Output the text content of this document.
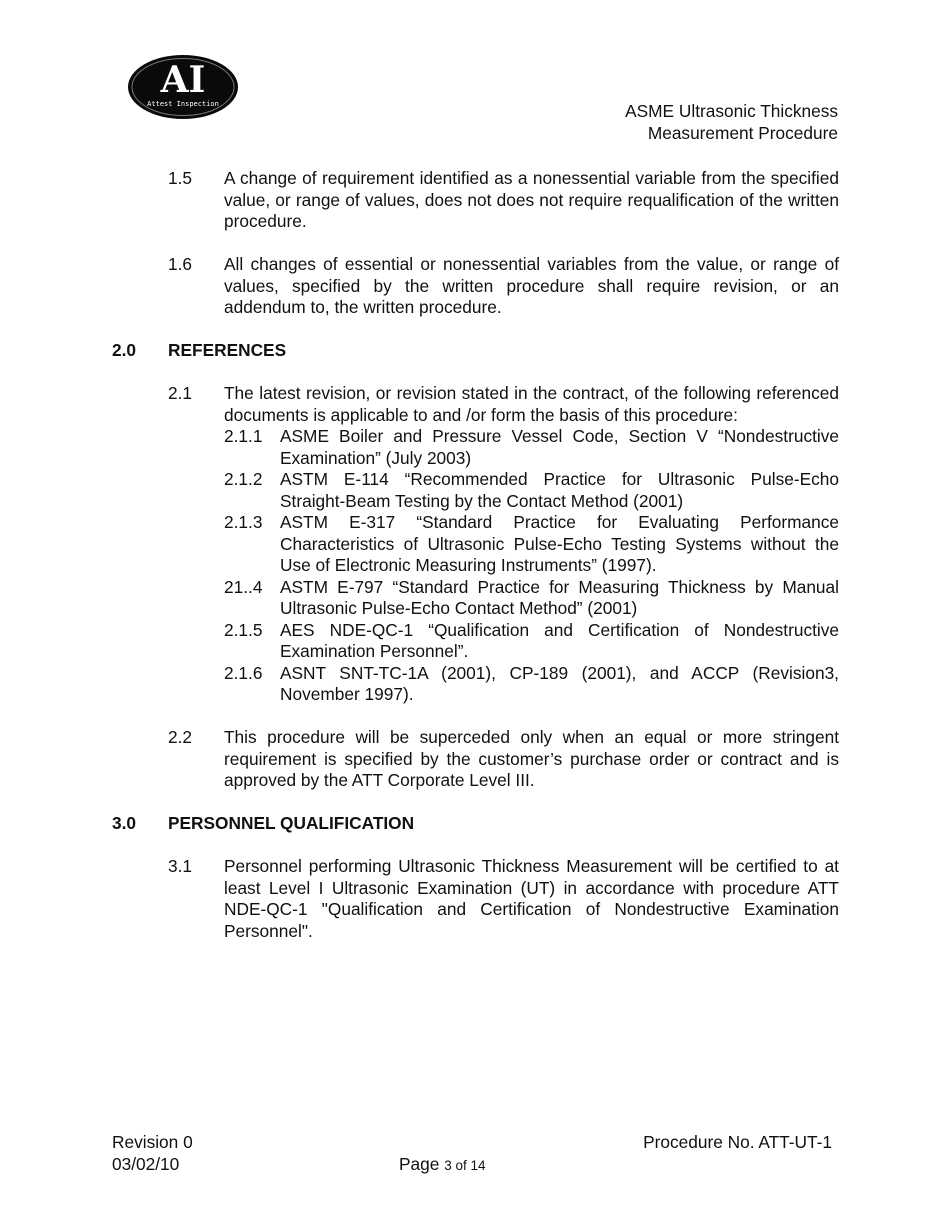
AI
Attest Inspection	ASME Ultrasonic Thickness
Measurement Procedure
1.5 A change of requirement identified as a nonessential variable from the specified value, or range of values, does not does not require requalification of the written procedure.
1.6 All changes of essential or nonessential variables from the value, or range of values, specified by the written procedure shall require revision, or an addendum to, the written procedure.
2.0 REFERENCES
2.1 The latest revision, or revision stated in the contract, of the following referenced documents is applicable to and /or form the basis of this procedure:
2.1.1 ASME Boiler and Pressure Vessel Code, Section V “Nondestructive Examination” (July 2003)
2.1.2 ASTM E-114 “Recommended Practice for Ultrasonic Pulse-Echo Straight-Beam Testing by the Contact Method (2001)
2.1.3 ASTM E-317 “Standard Practice for Evaluating Performance Characteristics of Ultrasonic Pulse-Echo Testing Systems without the Use of Electronic Measuring Instruments” (1997).
21..4 ASTM E-797 “Standard Practice for Measuring Thickness by Manual Ultrasonic Pulse-Echo Contact Method” (2001)
2.1.5 AES NDE-QC-1 “Qualification and Certification of Nondestructive Examination Personnel”.
2.1.6 ASNT SNT-TC-1A (2001), CP-189 (2001), and ACCP (Revision3, November 1997).
2.2 This procedure will be superceded only when an equal or more stringent requirement is specified by the customer’s purchase order or contract and is approved by the ATT Corporate Level III.
3.0 PERSONNEL QUALIFICATION
3.1 Personnel performing Ultrasonic Thickness Measurement will be certified to at least Level I Ultrasonic Examination (UT) in accordance with procedure ATT NDE-QC-1 "Qualification and Certification of Nondestructive Examination Personnel".
Revision 0	Procedure No. ATT-UT-1
03/02/10	Page 3 of 14
